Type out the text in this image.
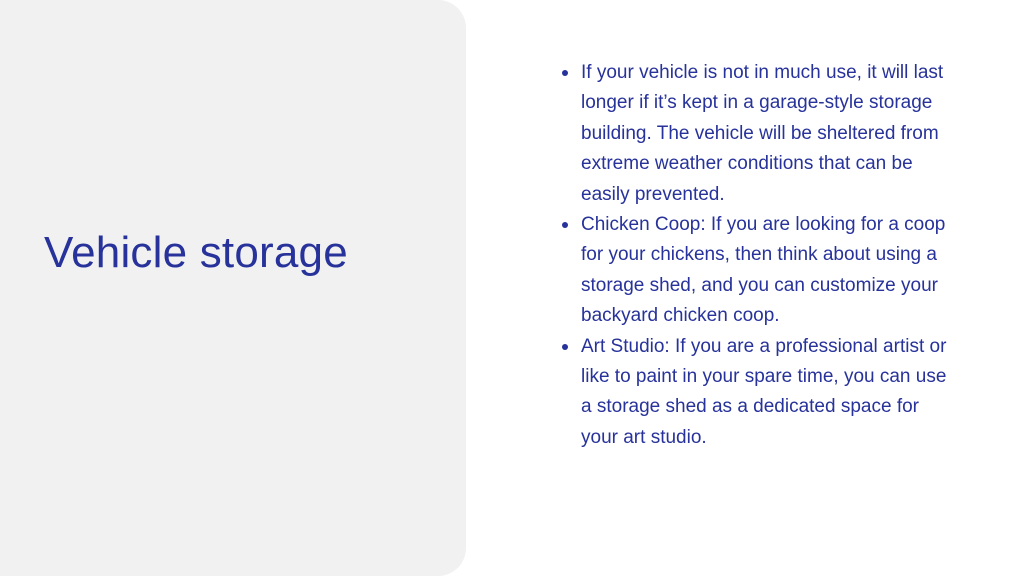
Vehicle storage
If your vehicle is not in much use, it will last longer if it’s kept in a garage-style storage building. The vehicle will be sheltered from extreme weather conditions that can be easily prevented.
Chicken Coop: If you are looking for a coop for your chickens, then think about using a storage shed, and you can customize your backyard chicken coop.
Art Studio: If you are a professional artist or like to paint in your spare time, you can use a storage shed as a dedicated space for your art studio.
